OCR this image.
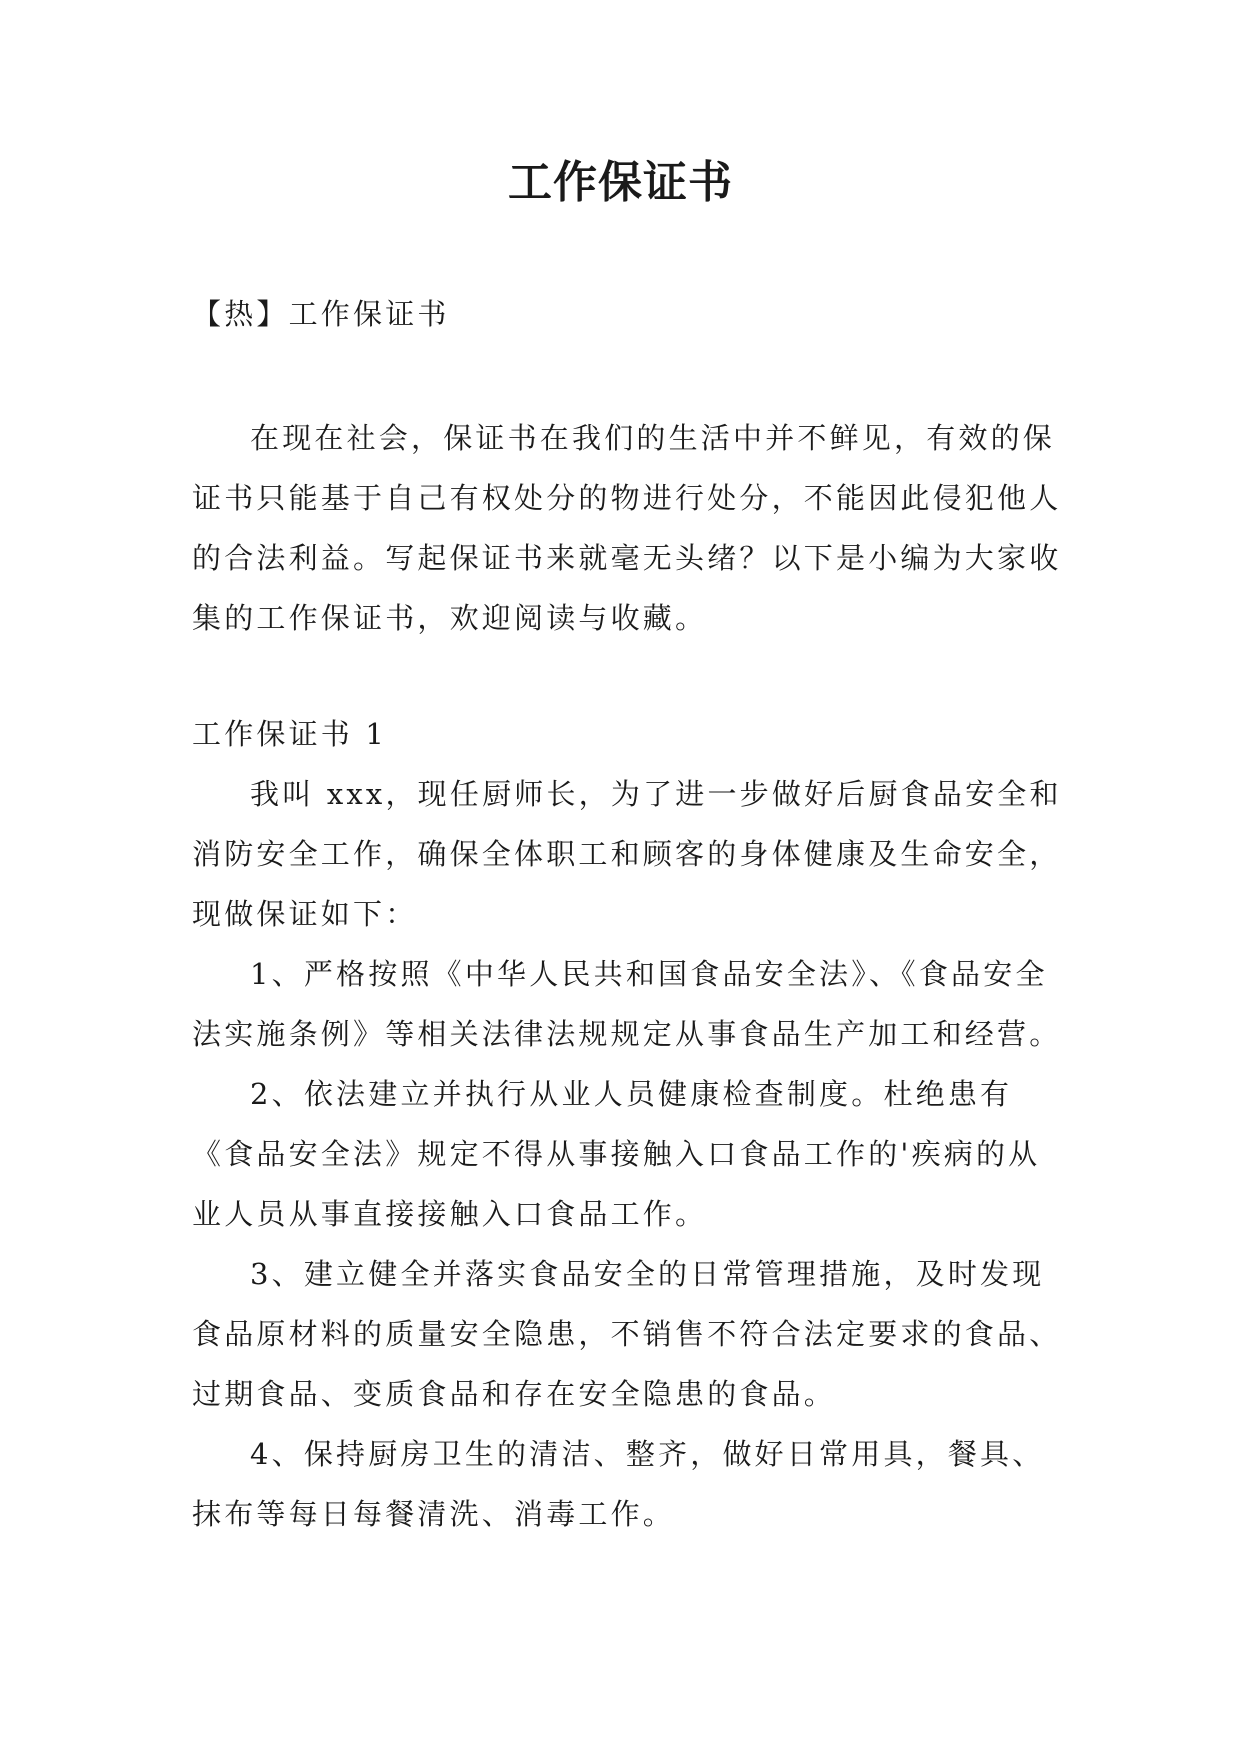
工作保证书
【热】工作保证书

在现在社会，保证书在我们的生活中并不鲜见，有效的保证书只能基于自己有权处分的物进行处分，不能因此侵犯他人的合法利益。写起保证书来就毫无头绪？以下是小编为大家收集的工作保证书，欢迎阅读与收藏。

工作保证书 1

我叫 xxx，现任厨师长，为了进一步做好后厨食品安全和消防安全工作，确保全体职工和顾客的身体健康及生命安全，现做保证如下：

1、严格按照《中华人民共和国食品安全法》、《食品安全法实施条例》等相关法律法规规定从事食品生产加工和经营。

2、依法建立并执行从业人员健康检查制度。杜绝患有《食品安全法》规定不得从事接触入口食品工作的'疾病的从业人员从事直接接触入口食品工作。

3、建立健全并落实食品安全的日常管理措施，及时发现食品原材料的质量安全隐患，不销售不符合法定要求的食品、过期食品、变质食品和存在安全隐患的食品。

4、保持厨房卫生的清洁、整齐，做好日常用具，餐具、抹布等每日每餐清洗、消毒工作。
